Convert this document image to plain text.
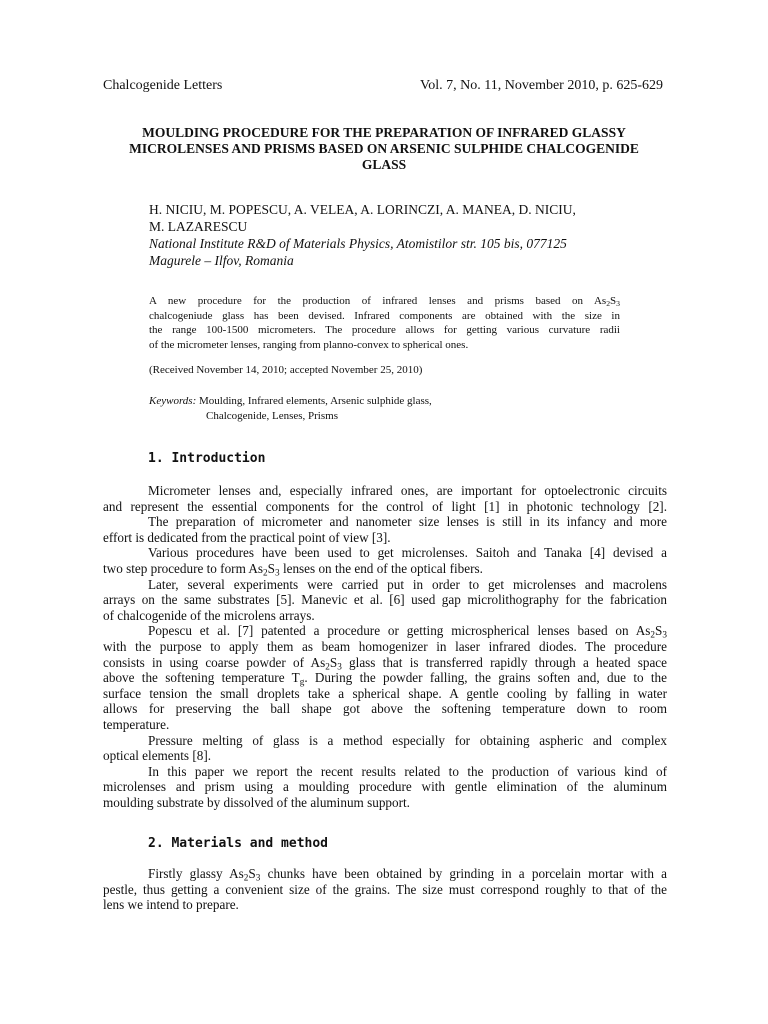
Chalcogenide Letters	Vol. 7, No. 11, November 2010, p. 625-629
MOULDING PROCEDURE FOR THE PREPARATION OF INFRARED GLASSY
MICROLENSES AND PRISMS BASED ON ARSENIC SULPHIDE CHALCOGENIDE
GLASS
H. NICIU, M. POPESCU, A. VELEA, A. LORINCZI, A. MANEA, D. NICIU,
M. LAZARESCU
National Institute R&D of Materials Physics, Atomistilor str. 105 bis, 077125
Magurele – Ilfov, Romania
A new procedure for the production of infrared lenses and prisms based on $As_2S_3$
chalcogeniude glass has been devised. Infrared components are obtained with the size in
the range 100-1500 micrometers. The procedure allows for getting various curvature radii
of the micrometer lenses, ranging from planno-convex to spherical ones.
(Received November 14, 2010; accepted November 25, 2010)
Keywords: Moulding, Infrared elements, Arsenic sulphide glass,
Chalcogenide, Lenses, Prisms
1. Introduction
Micrometer lenses and, especially infrared ones, are important for optoelectronic circuits
and represent the essential components for the control of light [1] in photonic technology [2].
The preparation of micrometer and nanometer size lenses is still in its infancy and more
effort is dedicated from the practical point of view [3].
Various procedures have been used to get microlenses. Saitoh and Tanaka [4] devised a
two step procedure to form $As_2S_3$ lenses on the end of the optical fibers.
Later, several experiments were carried put in order to get microlenses and macrolens
arrays on the same substrates [5]. Manevic et al. [6] used gap microlithography for the fabrication
of chalcogenide of the microlens arrays.
Popescu et al. [7] patented a procedure or getting microspherical lenses based on $As_2S_3$
with the purpose to apply them as beam homogenizer in laser infrared diodes. The procedure
consists in using coarse powder of $As_2S_3$ glass that is transferred rapidly through a heated space
above the softening temperature $T_g$. During the powder falling, the grains soften and, due to the
surface tension the small droplets take a spherical shape. A gentle cooling by falling in water
allows for preserving the ball shape got above the softening temperature down to room
temperature.
Pressure melting of glass is a method especially for obtaining aspheric and complex
optical elements [8].
In this paper we report the recent results related to the production of various kind of
microlenses and prism using a moulding procedure with gentle elimination of the aluminum
moulding substrate by dissolved of the aluminum support.
2. Materials and method
Firstly glassy $As_2S_3$ chunks have been obtained by grinding in a porcelain mortar with a
pestle, thus getting a convenient size of the grains. The size must correspond roughly to that of the
lens we intend to prepare.
